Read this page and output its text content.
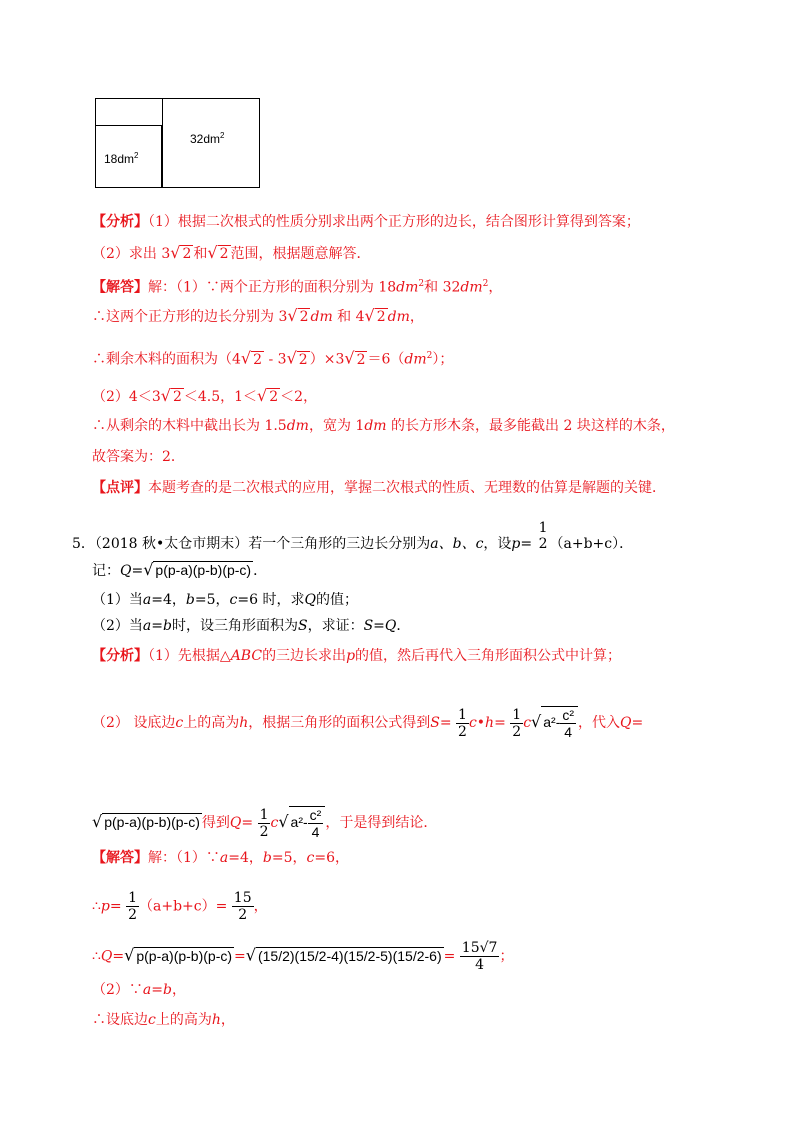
$18dm^2$
$32dm^2$
【分析】（1）根据二次根式的性质分别求出两个正方形的边长，结合图形计算得到答案；
（2）求出 3√ 2 和√ 2 范围，根据题意解答．
【解答】解：（1）∵两个正方形的面积分别为 $18dm^2$和 $32dm^2$，
∴这两个正方形的边长分别为 3√ 2 dm 和 4√ 2 dm，
∴剩余木料的面积为（4√ 2 - 3√ 2 ）×3√ $2 =6(dm^2)$；
（2）4＜3√ 2 ＜4.5，1＜√ 2 ＜2，
∴从剩余的木料中截出长为 1.5dm，宽为 1dm 的长方形木条，最多能截出 2 块这样的木条，
故答案为：2．
【点评】本题考查的是二次根式的应用，掌握二次根式的性质、无理数的估算是解题的关键．
5．（2018 秋•太仓市期末）若一个三角形的三边长分别为a、b、c，设p=
1
2 （a+b+c）．
记：Q=√ p(p-a)(p-b)(p-c) ．
（1）当a=4，b=5，c=6 时，求Q的值；
（2）当a=b时，设三角形面积为S，求证：S=Q．
【分析】（1）先根据△ABC的三边长求出p的值，然后再代入三角形面积公式中计算；
（2） 设底边c上的高为h，根据三角形的面积公式得到$S= \frac{1}{2}$ c•h= $\frac{1}{2} c√$ $a^2- \frac{\text{c²}}{4}$ ，代入Q=
√ p(p-a)(p-b)(p-c) 得到$Q= \frac{1}{2} c√$ $a^2- \frac{\text{c²}}{4}$ ，于是得到结论．
【解答】解：（1）∵a=4，b=5，c=6，
∴p= $\frac{1}{2} (a+b+c)= \frac{15}{2}$ ，
∴Q=√ p(p-a)(p-b)(p-c) =√ $(15/2)(15/2-4)(15/2-5)(15/2-6) = \frac{15√7}{4}$ ；
（2）∵a=b，
∴设底边c上的高为h，
